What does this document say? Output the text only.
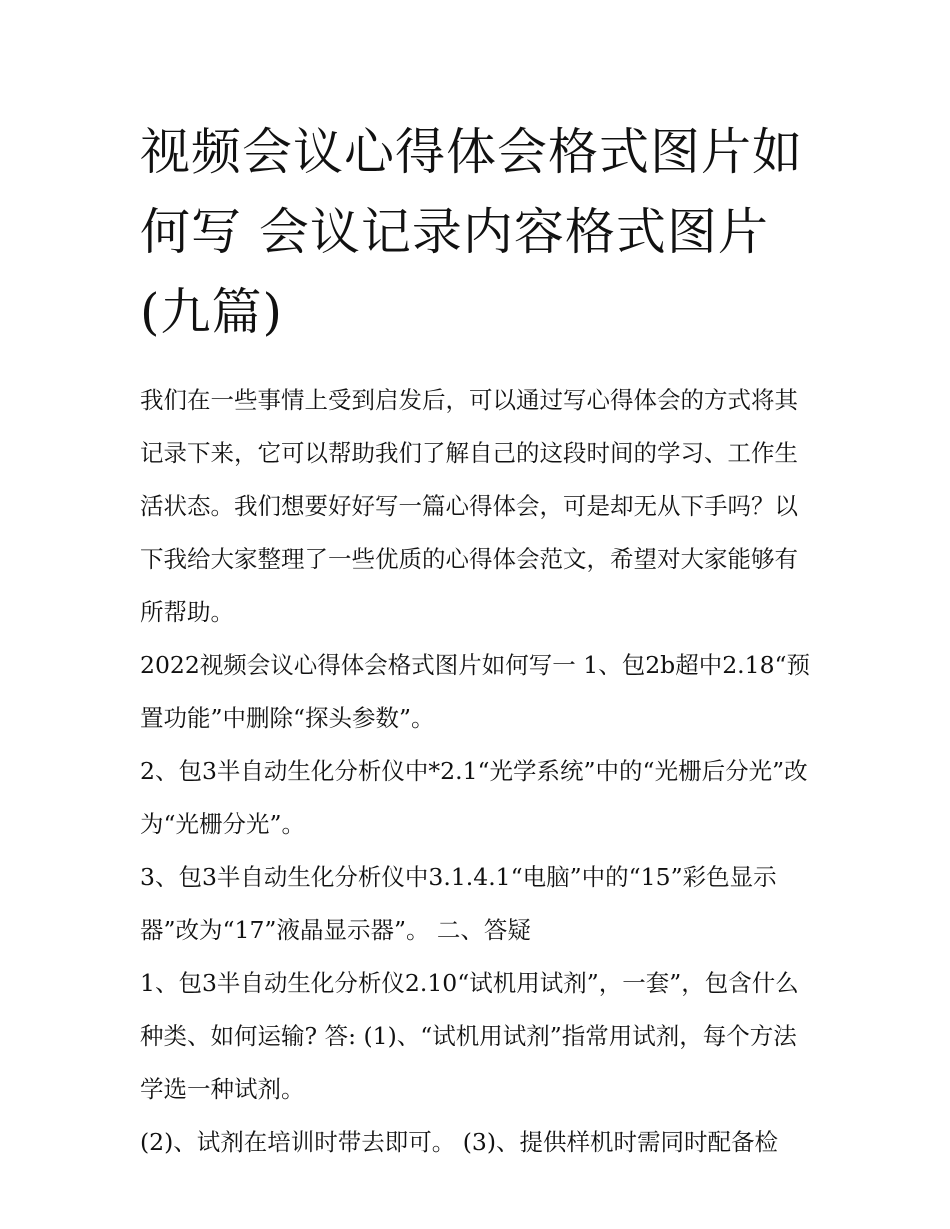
视频会议心得体会格式图片如何写 会议记录内容格式图片(九篇)

我们在一些事情上受到启发后，可以通过写心得体会的方式将其记录下来，它可以帮助我们了解自己的这段时间的学习、工作生活状态。我们想要好好写一篇心得体会，可是却无从下手吗？以下我给大家整理了一些优质的心得体会范文，希望对大家能够有所帮助。

2022视频会议心得体会格式图片如何写一 1、包2b超中2.18“预置功能”中删除“探头参数”。

2、包3半自动生化分析仪中*2.1“光学系统”中的“光栅后分光”改为“光栅分光”。

3、包3半自动生化分析仪中3.1.4.1“电脑”中的“15”彩色显示器”改为“17”液晶显示器”。 二、答疑

1、包3半自动生化分析仪2.10“试机用试剂”，一套”，包含什么种类、如何运输? 答: (1)、“试机用试剂”指常用试剂，每个方法学选一种试剂。

(2)、试剂在培训时带去即可。 (3)、提供样机时需同时配备检
